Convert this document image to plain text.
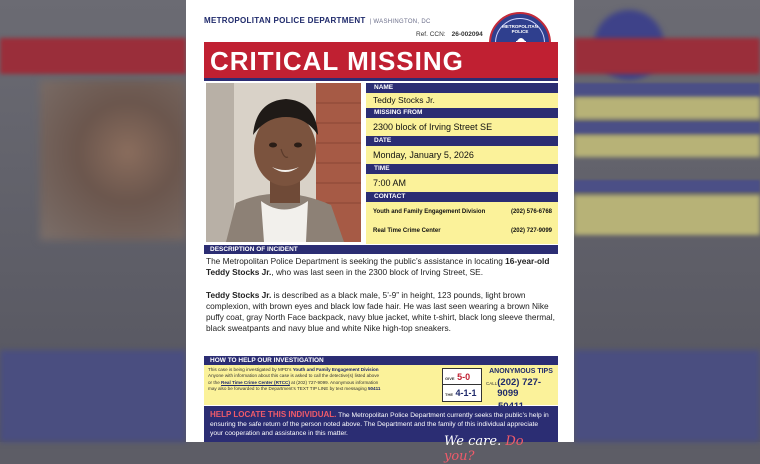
METROPOLITAN POLICE DEPARTMENT | WASHINGTON, DC
Ref. CCN: 26-002094
METROPOLITAN POLICE
CRITICAL MISSING
NAME
Teddy Stocks Jr.
MISSING FROM
2300 block of Irving Street SE
DATE
Monday, January 5, 2026
TIME
7:00 AM
CONTACT
Youth and Family Engagement Division	(202) 576-6768
Real Time Crime Center	(202) 727-9099
DESCRIPTION OF INCIDENT
The Metropolitan Police Department is seeking the public’s assistance in locating 16-year-old Teddy Stocks Jr., who was last seen in the 2300 block of Irving Street, SE.
Teddy Stocks Jr. is described as a black male, 5’-9” in height, 123 pounds, light brown complexion, with brown eyes and black low fade hair. He was last seen wearing a brown Nike puffy coat, gray North Face backpack, navy blue jacket, white t-shirt, black long sleeve thermal, black sweatpants and navy blue and white Nike high-top sneakers.
HOW TO HELP OUR INVESTIGATION
This case is being investigated by MPD’s Youth and Family Engagement Division
Anyone with information about this case is asked to call the detective(s) listed above
or the Real Time Crime Center (RTCC) at (202) 727-9099. Anonymous information
may also be forwarded to the Department’s TEXT TIP LINE by text messaging 50411
GIVE 5-0
THE 4-1-1
ANONYMOUS TIPS
CALL (202) 727-9099
HELP LOCATE THIS INDIVIDUAL. The Metropolitan Police Department currently seeks the public’s help in ensuring the safe return of the person noted above. The Department and the family of this individual appreciate your cooperation and assistance in this matter.
We care. Do you?
